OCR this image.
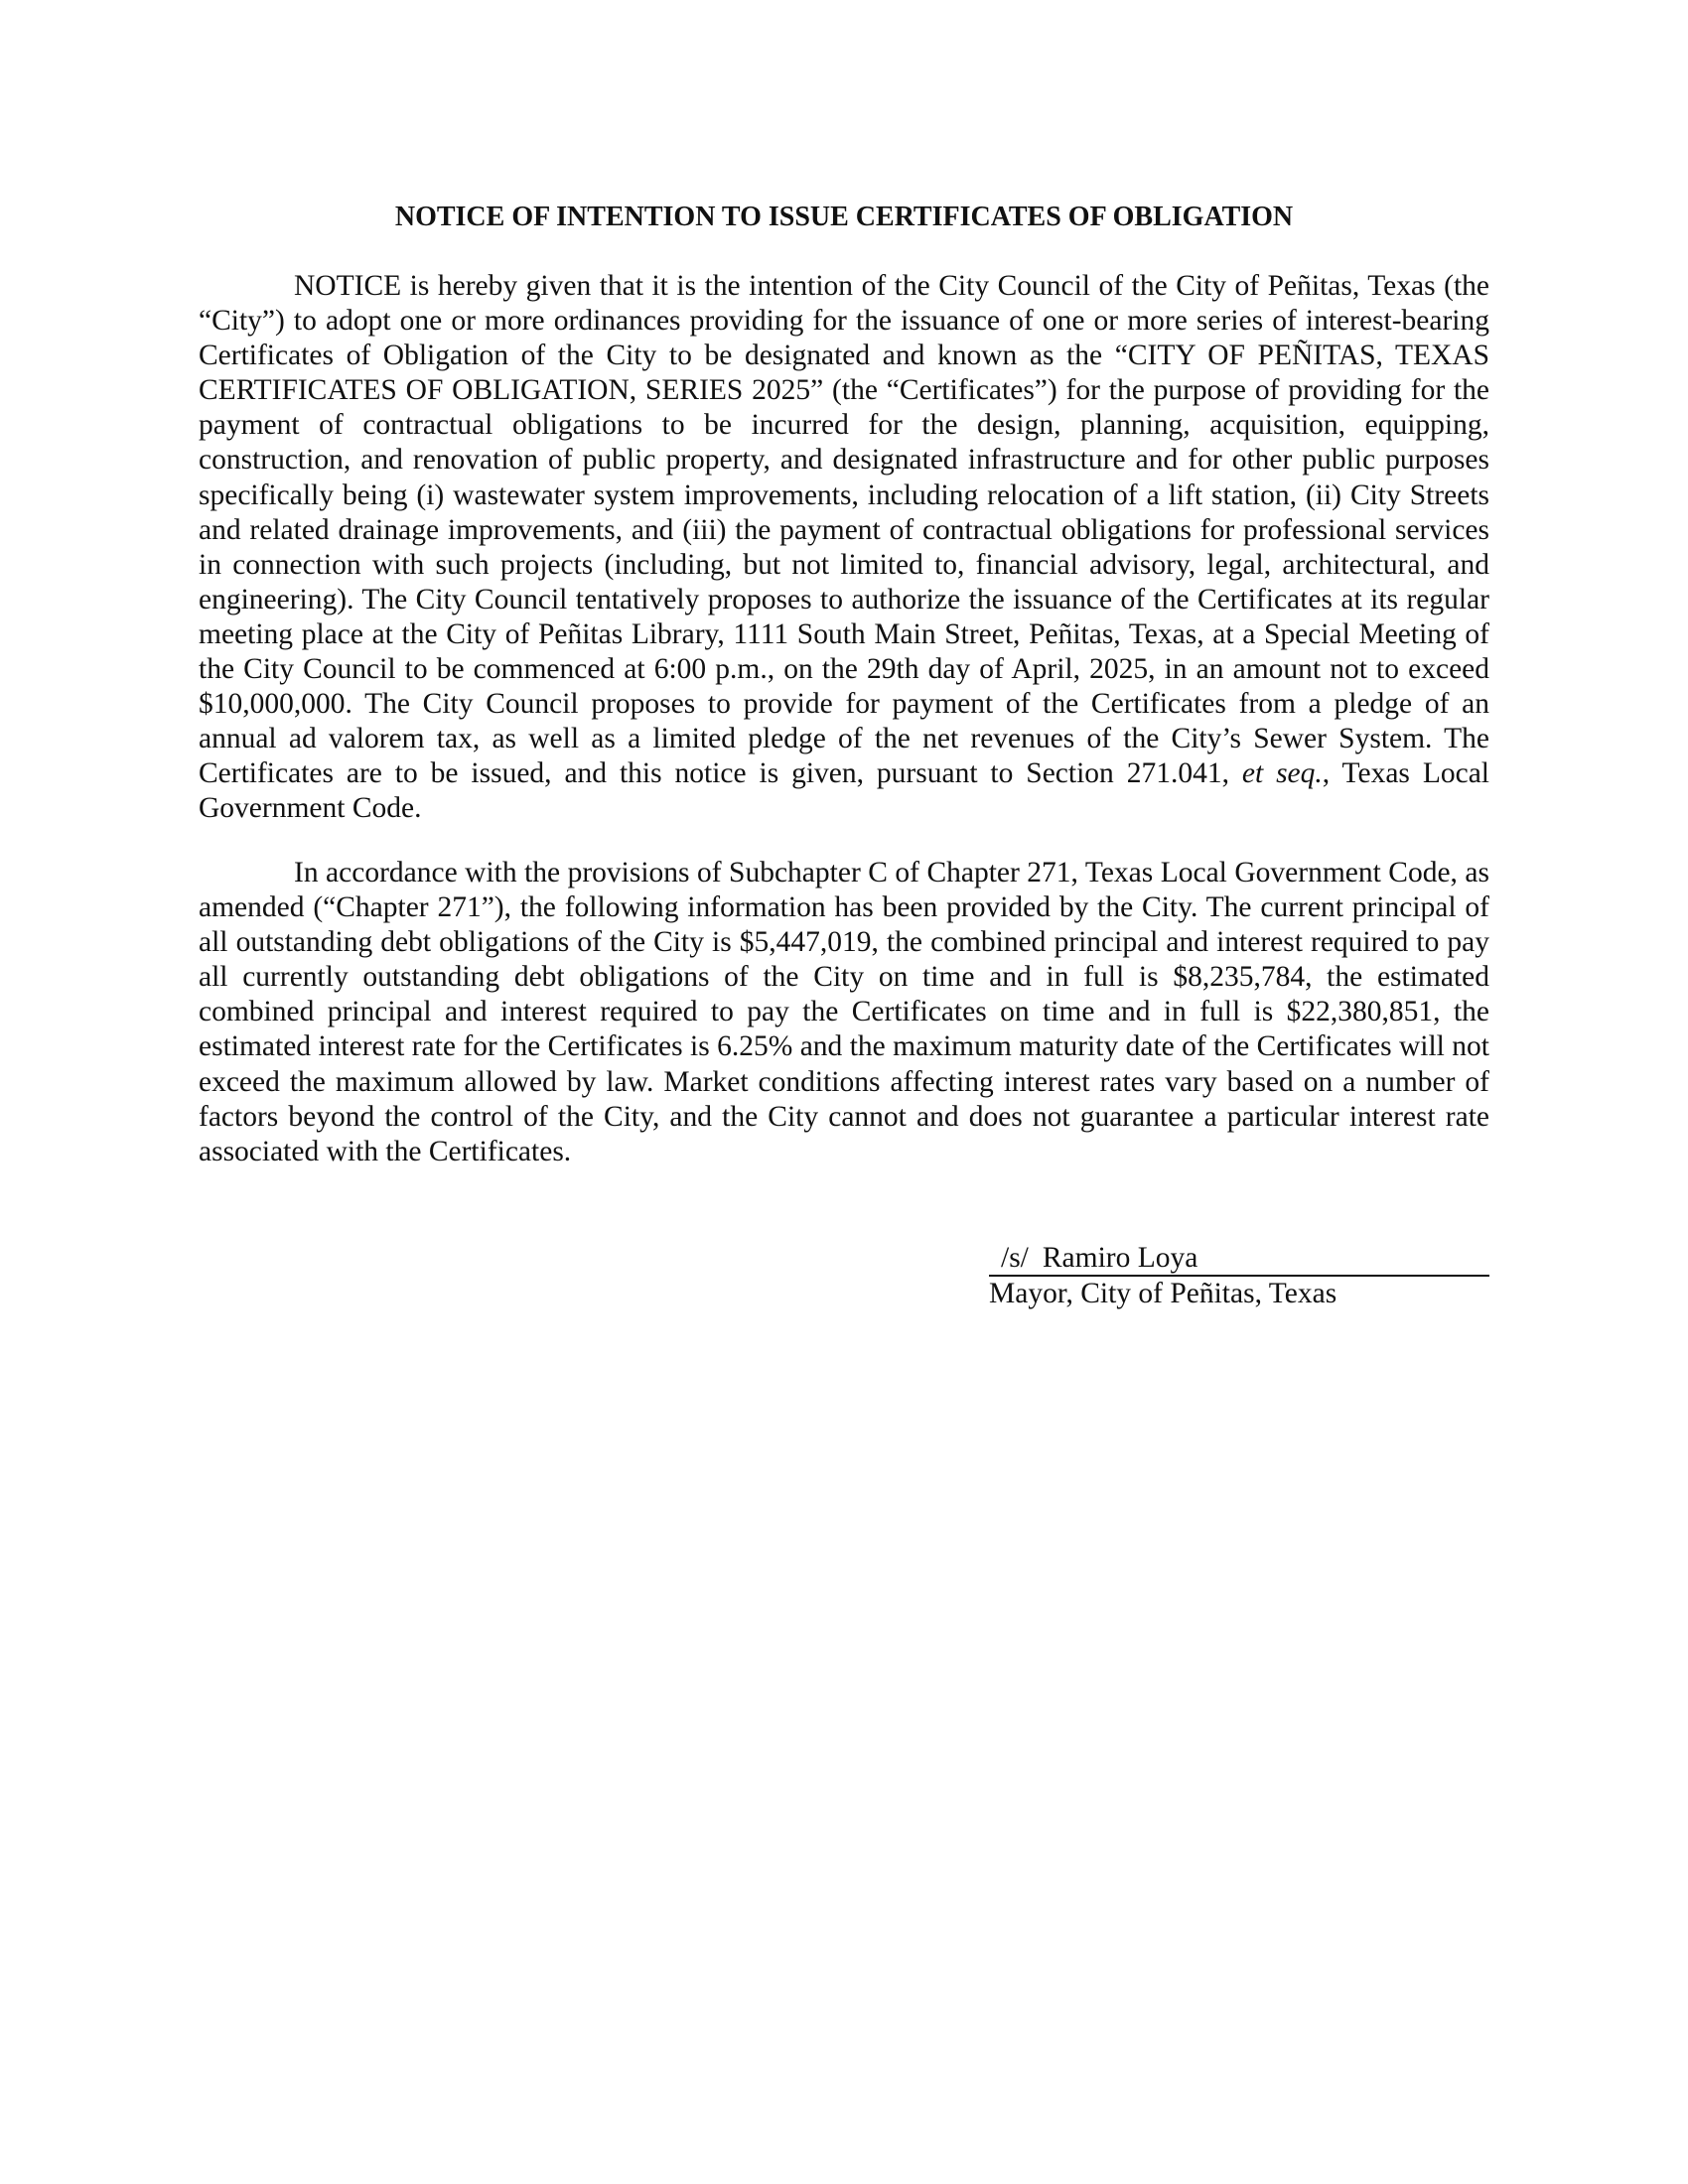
NOTICE OF INTENTION TO ISSUE CERTIFICATES OF OBLIGATION

NOTICE is hereby given that it is the intention of the City Council of the City of Peñitas, Texas (the “City”) to adopt one or more ordinances providing for the issuance of one or more series of interest-bearing Certificates of Obligation of the City to be designated and known as the “CITY OF PEÑITAS, TEXAS CERTIFICATES OF OBLIGATION, SERIES 2025” (the “Certificates”) for the purpose of providing for the payment of contractual obligations to be incurred for the design, planning, acquisition, equipping, construction, and renovation of public property, and designated infrastructure and for other public purposes specifically being (i) wastewater system improvements, including relocation of a lift station, (ii) City Streets and related drainage improvements, and (iii) the payment of contractual obligations for professional services in connection with such projects (including, but not limited to, financial advisory, legal, architectural, and engineering). The City Council tentatively proposes to authorize the issuance of the Certificates at its regular meeting place at the City of Peñitas Library, 1111 South Main Street, Peñitas, Texas, at a Special Meeting of the City Council to be commenced at 6:00 p.m., on the 29th day of April, 2025, in an amount not to exceed $10,000,000. The City Council proposes to provide for payment of the Certificates from a pledge of an annual ad valorem tax, as well as a limited pledge of the net revenues of the City’s Sewer System. The Certificates are to be issued, and this notice is given, pursuant to Section 271.041, et seq., Texas Local Government Code.

In accordance with the provisions of Subchapter C of Chapter 271, Texas Local Government Code, as amended (“Chapter 271”), the following information has been provided by the City. The current principal of all outstanding debt obligations of the City is $5,447,019, the combined principal and interest required to pay all currently outstanding debt obligations of the City on time and in full is $8,235,784, the estimated combined principal and interest required to pay the Certificates on time and in full is $22,380,851, the estimated interest rate for the Certificates is 6.25% and the maximum maturity date of the Certificates will not exceed the maximum allowed by law. Market conditions affecting interest rates vary based on a number of factors beyond the control of the City, and the City cannot and does not guarantee a particular interest rate associated with the Certificates.

/s/ Ramiro Loya
Mayor, City of Peñitas, Texas
